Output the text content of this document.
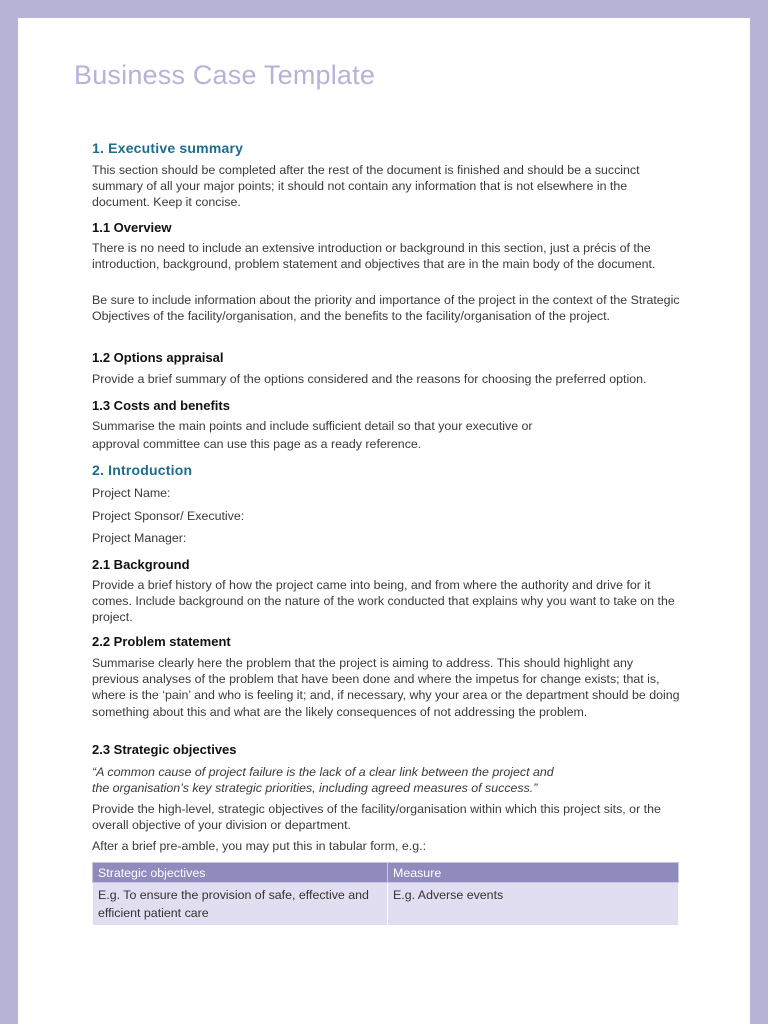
Business Case Template
1. Executive summary

This section should be completed after the rest of the document is finished and should be a succinct summary of all your major points; it should not contain any information that is not elsewhere in the document. Keep it concise.

1.1 Overview

There is no need to include an extensive introduction or background in this section, just a précis of the introduction, background, problem statement and objectives that are in the main body of the document.

Be sure to include information about the priority and importance of the project in the context of the Strategic Objectives of the facility/organisation, and the benefits to the facility/organisation of the project.

1.2 Options appraisal

Provide a brief summary of the options considered and the reasons for choosing the preferred option.

1.3 Costs and benefits

Summarise the main points and include sufficient detail so that your executive or

approval committee can use this page as a ready reference.

2. Introduction

Project Name:

Project Sponsor/ Executive:

Project Manager:

2.1 Background

Provide a brief history of how the project came into being, and from where the authority and drive for it comes. Include background on the nature of the work conducted that explains why you want to take on the project.

2.2 Problem statement

Summarise clearly here the problem that the project is aiming to address. This should highlight any previous analyses of the problem that have been done and where the impetus for change exists; that is, where is the ‘pain’ and who is feeling it; and, if necessary, why your area or the department should be doing something about this and what are the likely consequences of not addressing the problem.

2.3 Strategic objectives

“A common cause of project failure is the lack of a clear link between the project and

the organisation’s key strategic priorities, including agreed measures of success.”

Provide the high-level, strategic objectives of the facility/organisation within which this project sits, or the overall objective of your division or department.

After a brief pre-amble, you may put this in tabular form, e.g.:

Strategic objectives	Measure
E.g. To ensure the provision of safe, effective and efficient patient care	E.g. Adverse events
